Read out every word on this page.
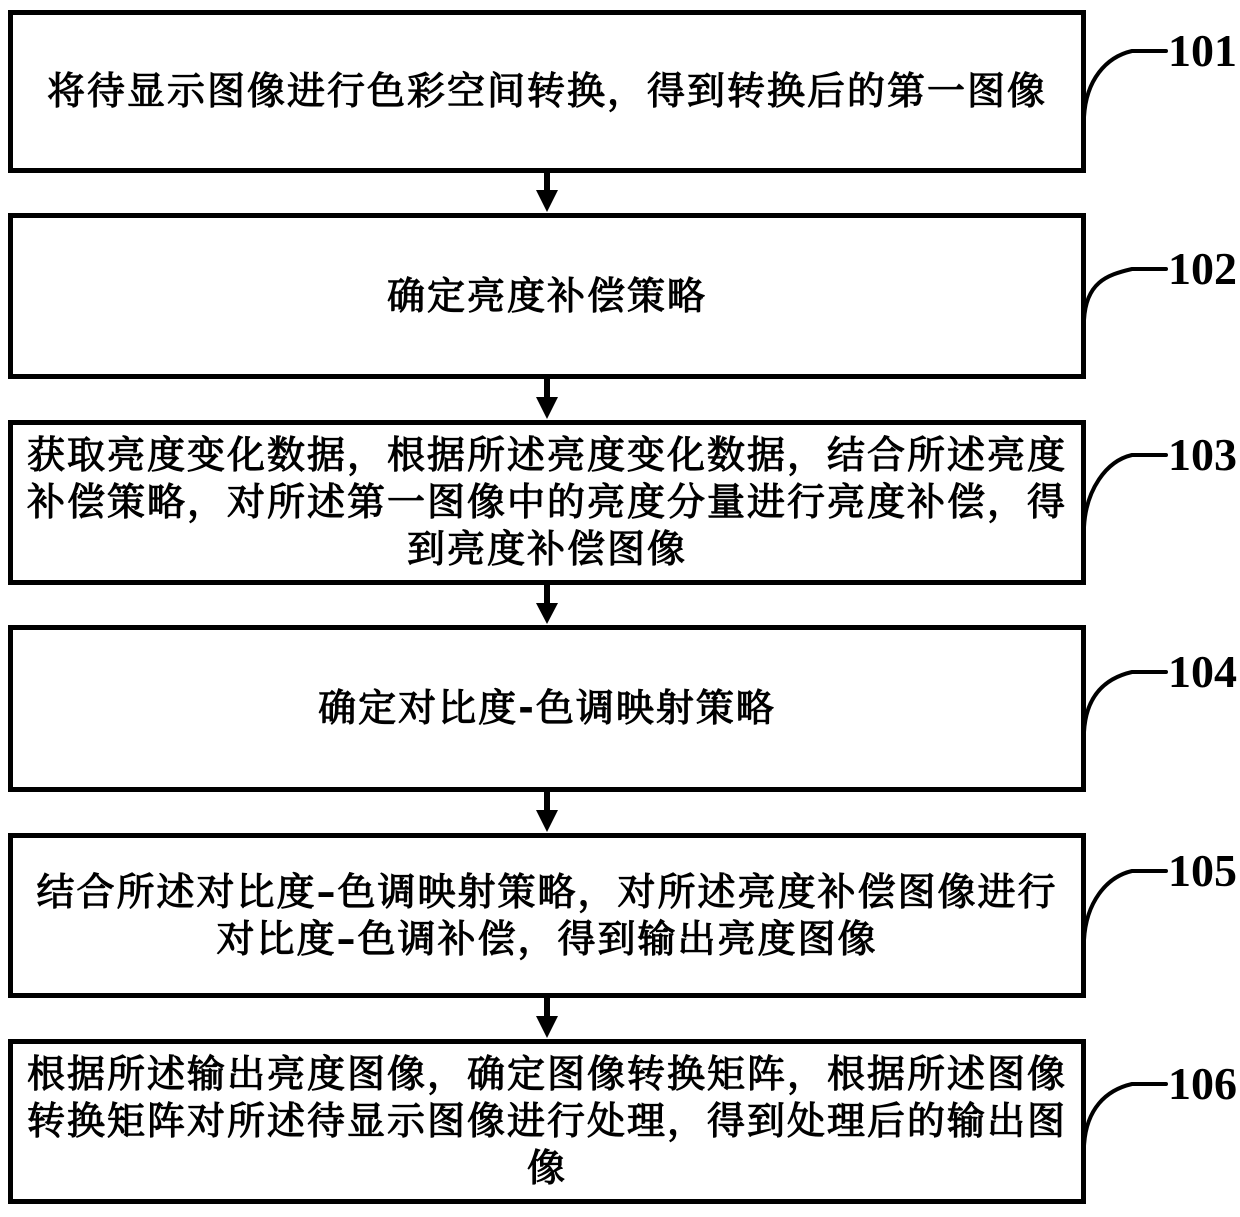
将待显示图像进行色彩空间转换，得到转换后的第一图像
101
确定亮度补偿策略
102
获取亮度变化数据，根据所述亮度变化数据，结合所述亮度
补偿策略，对所述第一图像中的亮度分量进行亮度补偿，得
到亮度补偿图像
103
确定对比度-色调映射策略
104
结合所述对比度–色调映射策略，对所述亮度补偿图像进行
对比度–色调补偿，得到输出亮度图像
105
根据所述输出亮度图像，确定图像转换矩阵，根据所述图像
转换矩阵对所述待显示图像进行处理，得到处理后的输出图
像
106
